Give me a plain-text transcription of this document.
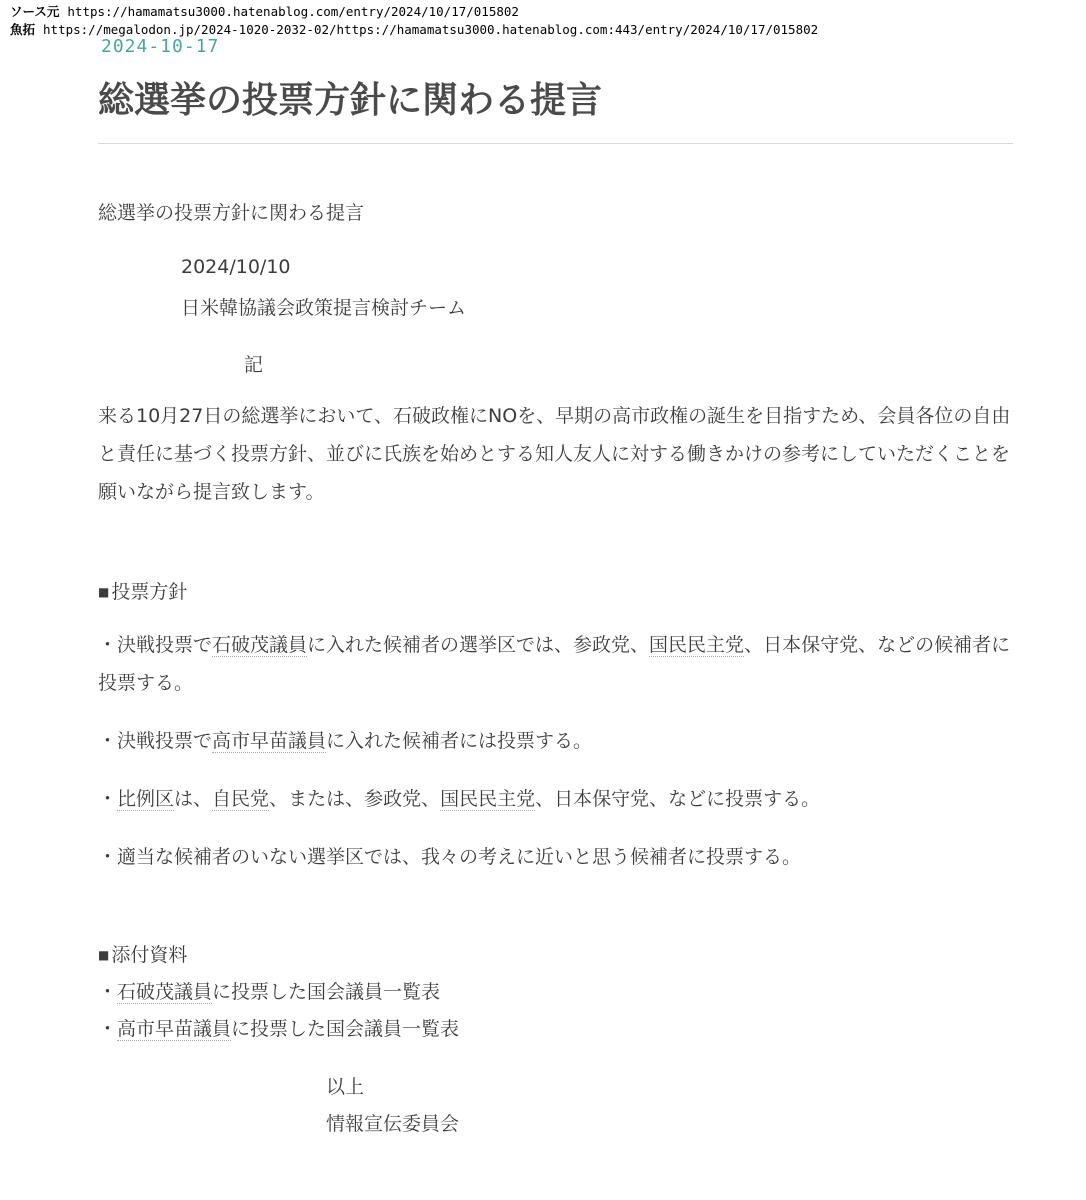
ソース元 https://hamamatsu3000.hatenablog.com/entry/2024/10/17/015802
魚拓 https://megalodon.jp/2024-1020-2032-02/https://hamamatsu3000.hatenablog.com:443/entry/2024/10/17/015802
2024-10-17
総選挙の投票方針に関わる提言
総選挙の投票方針に関わる提言
2024/10/10
日米韓協議会政策提言検討チーム
記
来る10月27日の総選挙において、石破政権にNOを、早期の高市政権の誕生を目指すため、会員各位の自由と責任に基づく投票方針、並びに氏族を始めとする知人友人に対する働きかけの参考にしていただくことを願いながら提言致します。
■ 投票方針
・決戦投票で石破茂議員に入れた候補者の選挙区では、参政党、国民民主党、日本保守党、などの候補者に投票する。
・決戦投票で高市早苗議員に入れた候補者には投票する。
・比例区は、自民党、または、参政党、国民民主党、日本保守党、などに投票する。
・適当な候補者のいない選挙区では、我々の考えに近いと思う候補者に投票する。
■ 添付資料
・石破茂議員に投票した国会議員一覧表
・高市早苗議員に投票した国会議員一覧表
以上
情報宣伝委員会
